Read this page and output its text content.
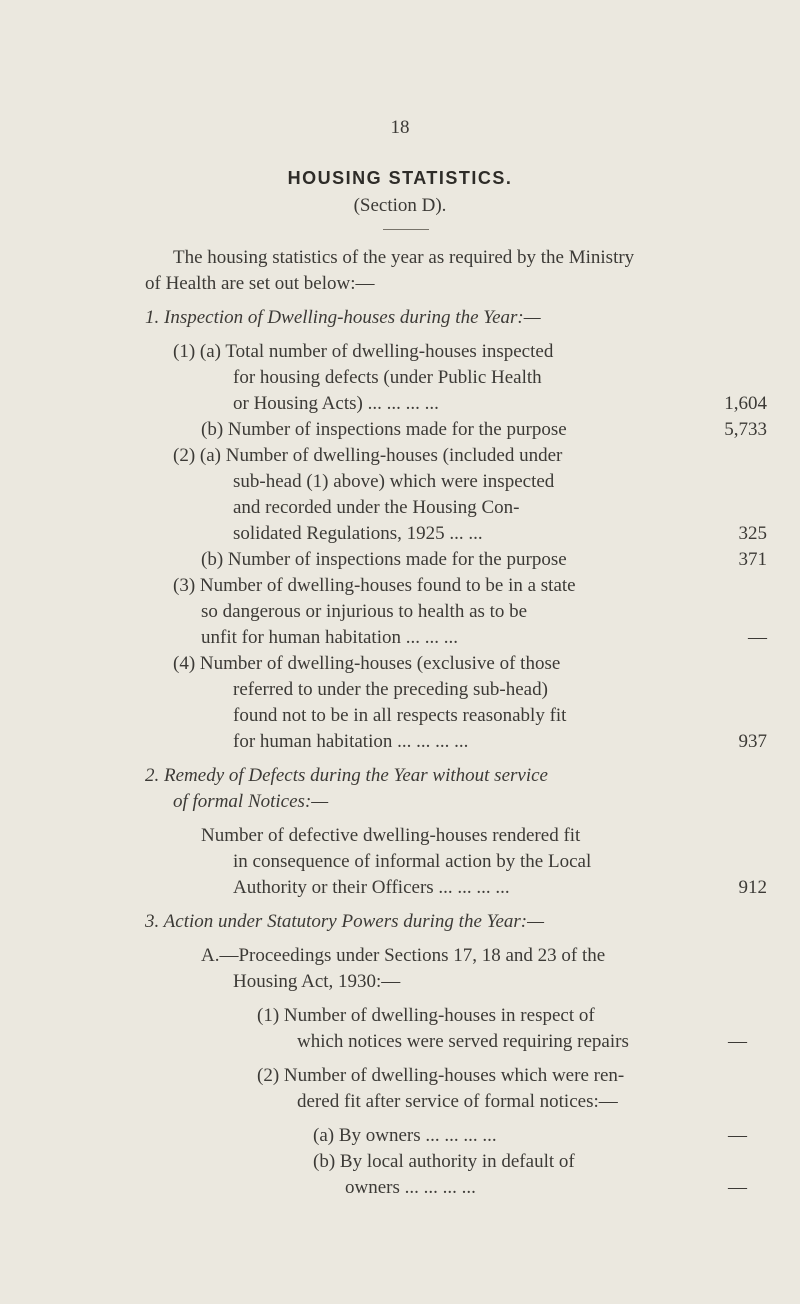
18
HOUSING STATISTICS.
(Section D).
The housing statistics of the year as required by the Ministry
of Health are set out below:—
1. Inspection of Dwelling-houses during the Year:—
(1) (a) Total number of dwelling-houses inspected
for housing defects (under Public Health
or Housing Acts) ... ... ... ...	1,604
(b) Number of inspections made for the purpose	5,733
(2) (a) Number of dwelling-houses (included under
sub-head (1) above) which were inspected
and recorded under the Housing Con-
solidated Regulations, 1925 ... ...	325
(b) Number of inspections made for the purpose	371
(3) Number of dwelling-houses found to be in a state
so dangerous or injurious to health as to be
unfit for human habitation ... ... ...	—
(4) Number of dwelling-houses (exclusive of those
referred to under the preceding sub-head)
found not to be in all respects reasonably fit
for human habitation ... ... ... ...	937
2. Remedy of Defects during the Year without service
of formal Notices:—
Number of defective dwelling-houses rendered fit
in consequence of informal action by the Local
Authority or their Officers ... ... ... ...	912
3. Action under Statutory Powers during the Year:—
A.—Proceedings under Sections 17, 18 and 23 of the
Housing Act, 1930:—
(1) Number of dwelling-houses in respect of
which notices were served requiring repairs	—
(2) Number of dwelling-houses which were ren-
dered fit after service of formal notices:—
(a) By owners ... ... ... ...	—
(b) By local authority in default of
owners ... ... ... ...	—
